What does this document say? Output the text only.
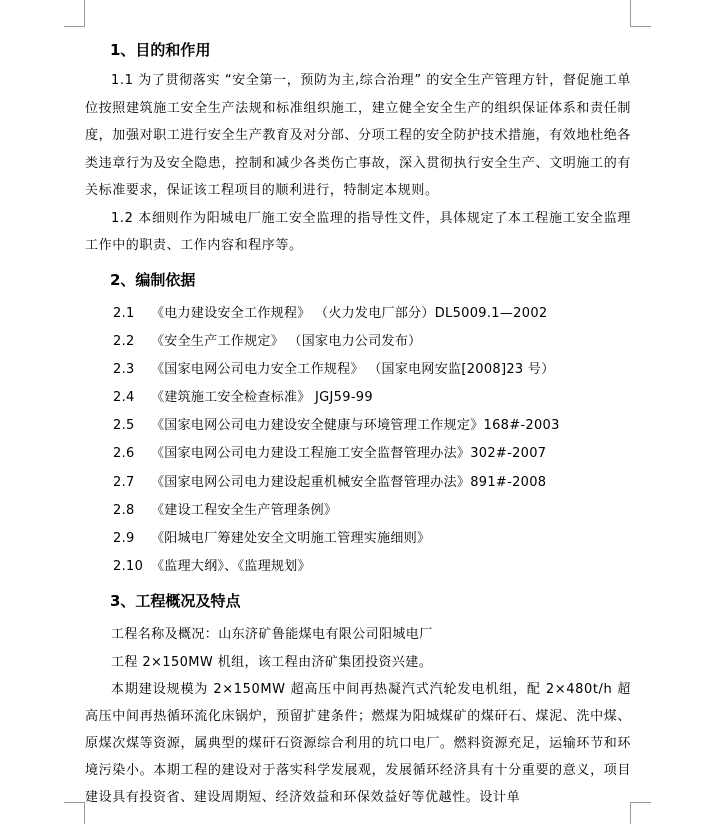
1、目的和作用

1.1 为了贯彻落实 “安全第一，预防为主,综合治理” 的安全生产管理方针，督促施工单位按照建筑施工安全生产法规和标准组织施工，建立健全安全生产的组织保证体系和责任制度，加强对职工进行安全生产教育及对分部、分项工程的安全防护技术措施，有效地杜绝各类违章行为及安全隐患，控制和减少各类伤亡事故，深入贯彻执行安全生产、文明施工的有关标准要求，保证该工程项目的顺利进行，特制定本规则。

1.2 本细则作为阳城电厂施工安全监理的指导性文件，具体规定了本工程施工安全监理工作中的职责、工作内容和程序等。

2、编制依据
2.1 《电力建设安全工作规程》 （火力发电厂部分）DL5009.1—2002
2.2 《安全生产工作规定》 （国家电力公司发布）
2.3 《国家电网公司电力安全工作规程》 （国家电网安监[2008]23 号）
2.4 《建筑施工安全检查标准》 JGJ59-99
2.5 《国家电网公司电力建设安全健康与环境管理工作规定》168#-2003
2.6 《国家电网公司电力建设工程施工安全监督管理办法》302#-2007
2.7 《国家电网公司电力建设起重机械安全监督管理办法》891#-2008
2.8 《建设工程安全生产管理条例》
2.9 《阳城电厂筹建处安全文明施工管理实施细则》
2.10 《监理大纲》、《监理规划》
3、工程概况及特点

工程名称及概况：山东济矿鲁能煤电有限公司阳城电厂

工程 2×150MW 机组，该工程由济矿集团投资兴建。

本期建设规模为 2×150MW 超高压中间再热凝汽式汽轮发电机组，配 2×480t/h 超高压中间再热循环流化床锅炉，预留扩建条件；燃煤为阳城煤矿的煤矸石、煤泥、洗中煤、原煤次煤等资源，属典型的煤矸石资源综合利用的坑口电厂。燃料资源充足，运输环节和环境污染小。本期工程的建设对于落实科学发展观，发展循环经济具有十分重要的意义，项目建设具有投资省、建设周期短、经济效益和环保效益好等优越性。设计单
